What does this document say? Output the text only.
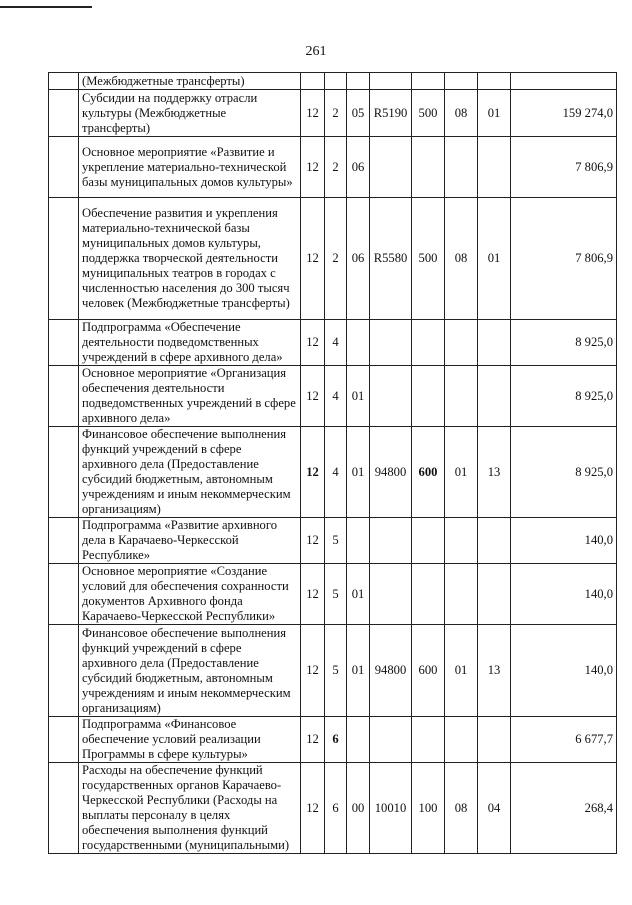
261
	(Межбюджетные трансферты)								
	Субсидии на поддержку отрасли культуры (Межбюджетные трансферты)	12	2	05	R5190	500	08	01	159 274,0
	Основное мероприятие «Развитие и укрепление материально-технической базы муниципальных домов культуры»	12	2	06					7 806,9
	Обеспечение развития и укрепления материально-технической базы муниципальных домов культуры, поддержка творческой деятельности муниципальных театров в городах с численностью населения до 300 тысяч человек (Межбюджетные трансферты)	12	2	06	R5580	500	08	01	7 806,9
	Подпрограмма «Обеспечение деятельности подведомственных учреждений в сфере архивного дела»	12	4						8 925,0
	Основное мероприятие «Организация обеспечения деятельности подведомственных учреждений в сфере архивного дела»	12	4	01					8 925,0
	Финансовое обеспечение выполнения функций учреждений в сфере архивного дела (Предоставление субсидий бюджетным, автономным учреждениям и иным некоммерческим организациям)	12	4	01	94800	600	01	13	8 925,0
	Подпрограмма «Развитие архивного дела в Карачаево-Черкесской Республике»	12	5						140,0
	Основное мероприятие «Создание условий для обеспечения сохранности документов Архивного фонда Карачаево-Черкесской Республики»	12	5	01					140,0
	Финансовое обеспечение выполнения функций учреждений в сфере архивного дела (Предоставление субсидий бюджетным, автономным учреждениям и иным некоммерческим организациям)	12	5	01	94800	600	01	13	140,0
	Подпрограмма «Финансовое обеспечение условий реализации Программы в сфере культуры»	12	6						6 677,7
	Расходы на обеспечение функций государственных органов Карачаево-Черкесской Республики (Расходы на выплаты персоналу в целях обеспечения выполнения функций государственными (муниципальными)	12	6	00	10010	100	08	04	268,4
